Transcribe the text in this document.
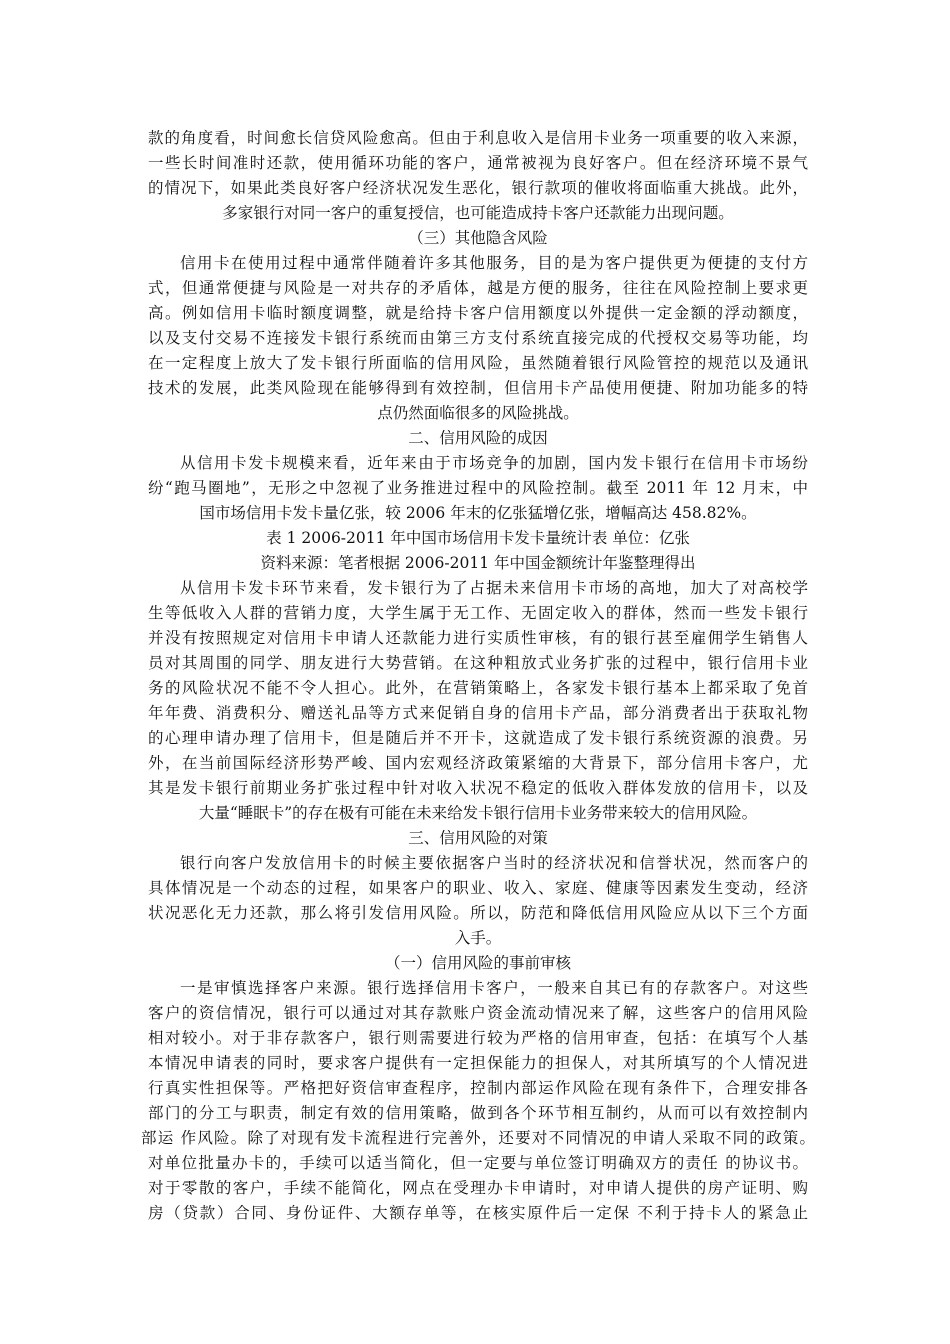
款的角度看，时间愈长信贷风险愈高。但由于利息收入是信用卡业务一项重要的收入来源，
一些长时间准时还款，使用循环功能的客户，通常被视为良好客户。但在经济环境不景气
的情况下，如果此类良好客户经济状况发生恶化，银行款项的催收将面临重大挑战。此外，
多家银行对同一客户的重复授信，也可能造成持卡客户还款能力出现问题。
（三）其他隐含风险
信用卡在使用过程中通常伴随着许多其他服务，目的是为客户提供更为便捷的支付方
式，但通常便捷与风险是一对共存的矛盾体，越是方便的服务，往往在风险控制上要求更
高。例如信用卡临时额度调整，就是给持卡客户信用额度以外提供一定金额的浮动额度，
以及支付交易不连接发卡银行系统而由第三方支付系统直接完成的代授权交易等功能，均
在一定程度上放大了发卡银行所面临的信用风险，虽然随着银行风险管控的规范以及通讯
技术的发展，此类风险现在能够得到有效控制，但信用卡产品使用便捷、附加功能多的特
点仍然面临很多的风险挑战。
二、信用风险的成因
从信用卡发卡规模来看，近年来由于市场竞争的加剧，国内发卡银行在信用卡市场纷
纷“跑马圈地”，无形之中忽视了业务推进过程中的风险控制。截至 2011 年 12 月末，中
国市场信用卡发卡量亿张，较 2006 年末的亿张猛增亿张，增幅高达 458.82%。
表 1 2006-2011 年中国市场信用卡发卡量统计表 单位：亿张
资料来源：笔者根据 2006-2011 年中国金额统计年鉴整理得出
从信用卡发卡环节来看，发卡银行为了占据未来信用卡市场的高地，加大了对高校学
生等低收入人群的营销力度，大学生属于无工作、无固定收入的群体，然而一些发卡银行
并没有按照规定对信用卡申请人还款能力进行实质性审核，有的银行甚至雇佣学生销售人
员对其周围的同学、朋友进行大势营销。在这种粗放式业务扩张的过程中，银行信用卡业
务的风险状况不能不令人担心。此外，在营销策略上，各家发卡银行基本上都采取了免首
年年费、消费积分、赠送礼品等方式来促销自身的信用卡产品，部分消费者出于获取礼物
的心理申请办理了信用卡，但是随后并不开卡，这就造成了发卡银行系统资源的浪费。另
外，在当前国际经济形势严峻、国内宏观经济政策紧缩的大背景下，部分信用卡客户，尤
其是发卡银行前期业务扩张过程中针对收入状况不稳定的低收入群体发放的信用卡，以及
大量“睡眠卡”的存在极有可能在未来给发卡银行信用卡业务带来较大的信用风险。
三、信用风险的对策
银行向客户发放信用卡的时候主要依据客户当时的经济状况和信誉状况，然而客户的
具体情况是一个动态的过程，如果客户的职业、收入、家庭、健康等因素发生变动，经济
状况恶化无力还款，那么将引发信用风险。所以，防范和降低信用风险应从以下三个方面
入手。
（一）信用风险的事前审核
一是审慎选择客户来源。银行选择信用卡客户，一般来自其已有的存款客户。对这些
客户的资信情况，银行可以通过对其存款账户资金流动情况来了解，这些客户的信用风险
相对较小。对于非存款客户，银行则需要进行较为严格的信用审查，包括：在填写个人基
本情况申请表的同时，要求客户提供有一定担保能力的担保人，对其所填写的个人情况进
行真实性担保等。严格把好资信审查程序，控制内部运作风险在现有条件下，合理安排各
部门的分工与职责，制定有效的信用策略，做到各个环节相互制约，从而可以有效控制内
部运 作风险。除了对现有发卡流程进行完善外，还要对不同情况的申请人采取不同的政策。
对单位批量办卡的，手续可以适当简化，但一定要与单位签订明确双方的责任 的协议书。
对于零散的客户，手续不能简化，网点在受理办卡申请时，对申请人提供的房产证明、购
房（贷款）合同、身份证件、大额存单等，在核实原件后一定保 不利于持卡人的紧急止
